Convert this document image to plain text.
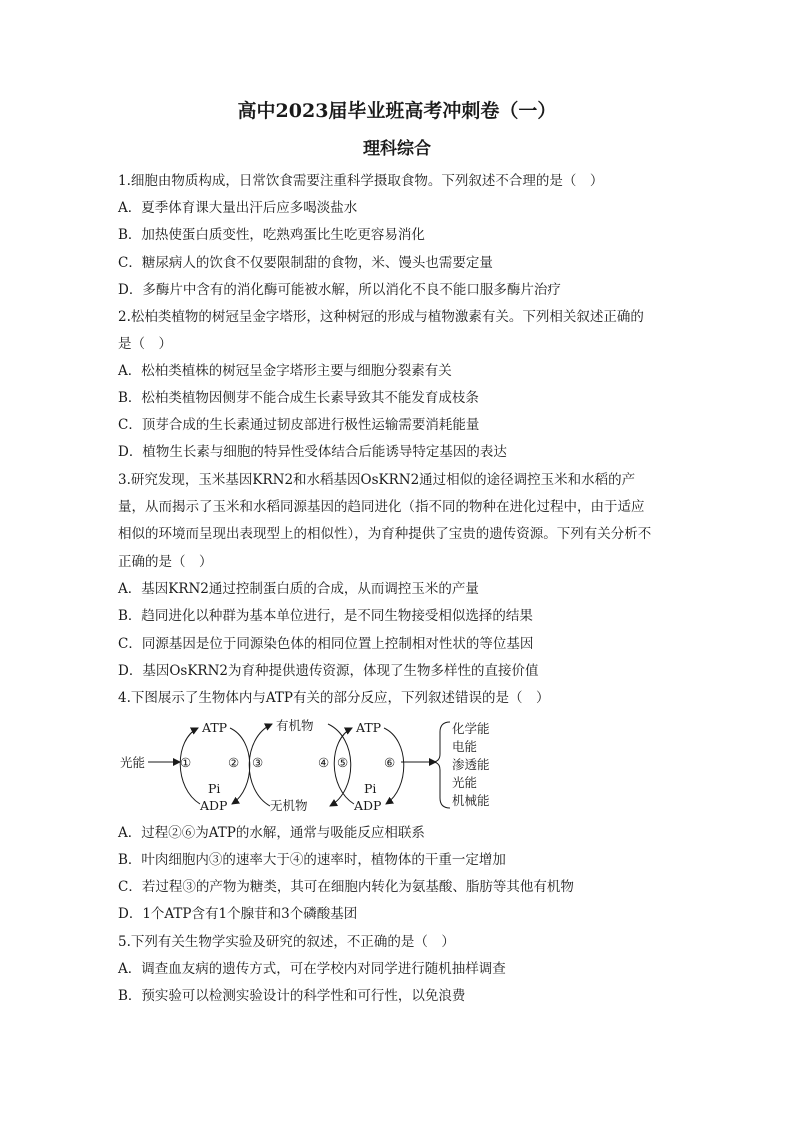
高中2023届毕业班高考冲刺卷（一）
理科综合
1.细胞由物质构成，日常饮食需要注重科学摄取食物。下列叙述不合理的是（　）
A．夏季体育课大量出汗后应多喝淡盐水
B．加热使蛋白质变性，吃熟鸡蛋比生吃更容易消化
C．糖尿病人的饮食不仅要限制甜的食物，米、馒头也需要定量
D．多酶片中含有的消化酶可能被水解，所以消化不良不能口服多酶片治疗
2.松柏类植物的树冠呈金字塔形，这种树冠的形成与植物激素有关。下列相关叙述正确的
是（　）
A．松柏类植株的树冠呈金字塔形主要与细胞分裂素有关
B．松柏类植物因侧芽不能合成生长素导致其不能发育成枝条
C．顶芽合成的生长素通过韧皮部进行极性运输需要消耗能量
D．植物生长素与细胞的特异性受体结合后能诱导特定基因的表达
3.研究发现，玉米基因KRN2和水稻基因OsKRN2通过相似的途径调控玉米和水稻的产
量，从而揭示了玉米和水稻同源基因的趋同进化（指不同的物种在进化过程中，由于适应
相似的环境而呈现出表现型上的相似性），为育种提供了宝贵的遗传资源。下列有关分析不
正确的是（　）
A．基因KRN2通过控制蛋白质的合成，从而调控玉米的产量
B．趋同进化以种群为基本单位进行，是不同生物接受相似选择的结果
C．同源基因是位于同源染色体的相同位置上控制相对性状的等位基因
D．基因OsKRN2为育种提供遗传资源，体现了生物多样性的直接价值
4.下图展示了生物体内与ATP有关的部分反应，下列叙述错误的是（　）
光能
ATP
Pi
ADP
①	②
有机物
无机物
③	④
ATP
Pi
ADP
⑤	⑥
化学能
电能
渗透能
光能
机械能
A．过程②⑥为ATP的水解，通常与吸能反应相联系
B．叶肉细胞内③的速率大于④的速率时，植物体的干重一定增加
C．若过程③的产物为糖类，其可在细胞内转化为氨基酸、脂肪等其他有机物
D．1个ATP含有1个腺苷和3个磷酸基团
5.下列有关生物学实验及研究的叙述，不正确的是（　）
A．调查血友病的遗传方式，可在学校内对同学进行随机抽样调查
B．预实验可以检测实验设计的科学性和可行性，以免浪费
